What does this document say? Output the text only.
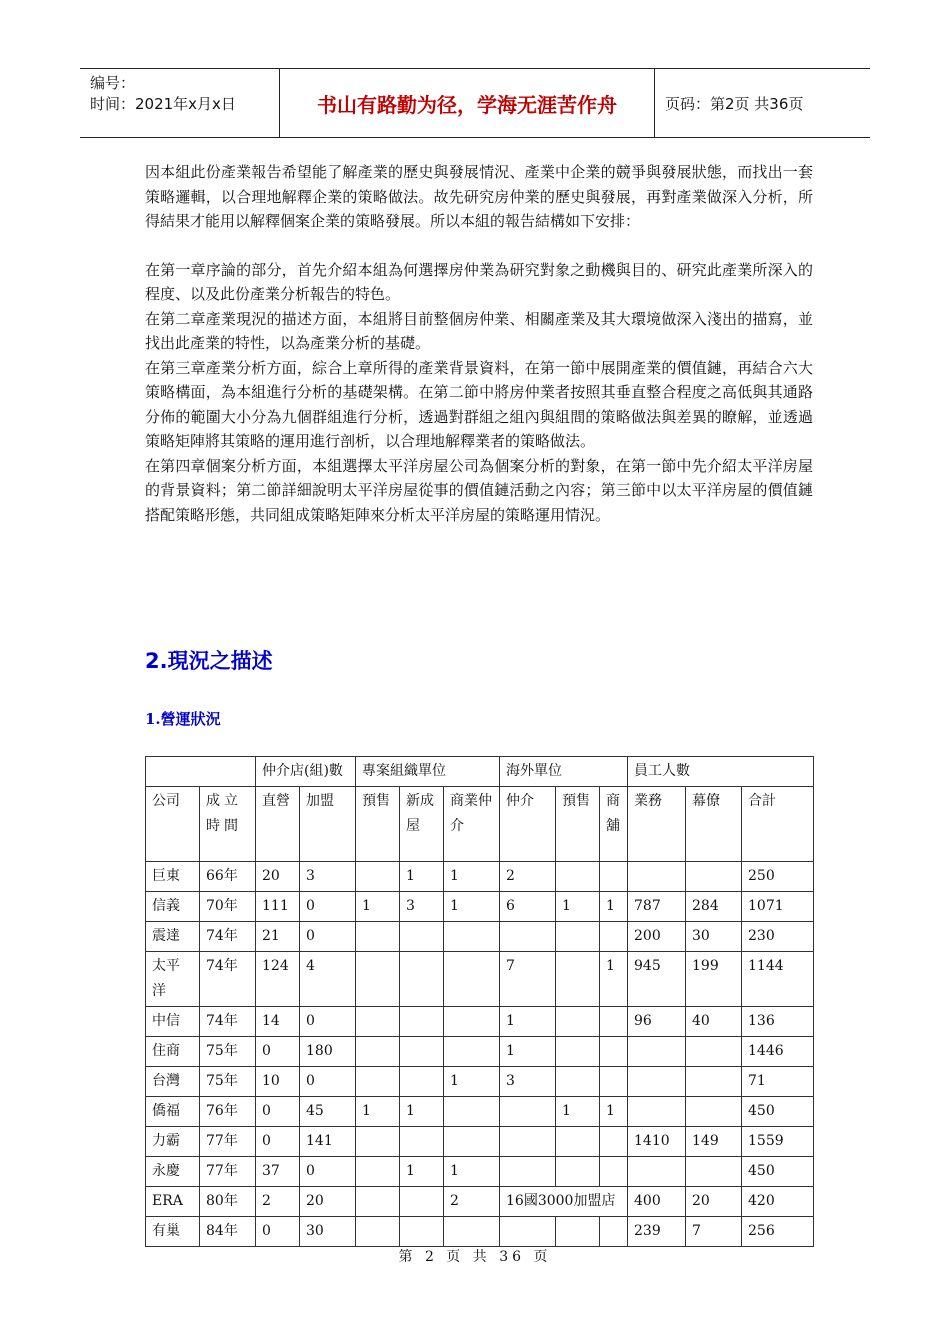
编号：
时间：2021年x月x日	书山有路勤为径，学海无涯苦作舟	页码：第2页 共36页

因本組此份產業報告希望能了解產業的歷史與發展情況、產業中企業的競爭與發展狀態，而找出一套策略邏輯，以合理地解釋企業的策略做法。故先研究房仲業的歷史與發展，再對產業做深入分析，所得結果才能用以解釋個案企業的策略發展。所以本組的報告結構如下安排：

在第一章序論的部分，首先介紹本組為何選擇房仲業為研究對象之動機與目的、研究此產業所深入的程度、以及此份產業分析報告的特色。

在第二章產業現況的描述方面，本組將目前整個房仲業、相關產業及其大環境做深入淺出的描寫，並找出此產業的特性，以為產業分析的基礎。

在第三章產業分析方面，綜合上章所得的產業背景資料，在第一節中展開產業的價值鏈，再結合六大策略構面，為本組進行分析的基礎架構。在第二節中將房仲業者按照其垂直整合程度之高低與其通路分佈的範圍大小分為九個群組進行分析，透過對群組之組內與組間的策略做法與差異的瞭解，並透過策略矩陣將其策略的運用進行剖析，以合理地解釋業者的策略做法。

在第四章個案分析方面，本組選擇太平洋房屋公司為個案分析的對象，在第一節中先介紹太平洋房屋的背景資料；第二節詳細說明太平洋房屋從事的價值鏈活動之內容；第三節中以太平洋房屋的價值鏈搭配策略形態，共同組成策略矩陣來分析太平洋房屋的策略運用情況。

2.現況之描述
1.營運狀況
		仲介店(組)數		專案組織單位			海外單位			員工人數		
公司	成立時間	直營	加盟	預售	新成屋	商業仲介	仲介	預售	商舖	業務	幕僚	合計
巨東	66年	20	3		1	1	2					250
信義	70年	111	0	1	3	1	6	1	1	787	284	1071
震達	74年	21	0							200	30	230
太平洋	74年	124	4				7		1	945	199	1144
中信	74年	14	0				1			96	40	136
住商	75年	0	180				1					1446
台灣	75年	10	0			1	3					71
僑福	76年	0	45	1	1			1	1			450
力霸	77年	0	141							1410	149	1559
永慶	77年	37	0		1	1						450
ERA	80年	2	20			2	16國3000加盟店			400	20	420
有巢	84年	0	30							239	7	256
第 2 页 共 36 页
